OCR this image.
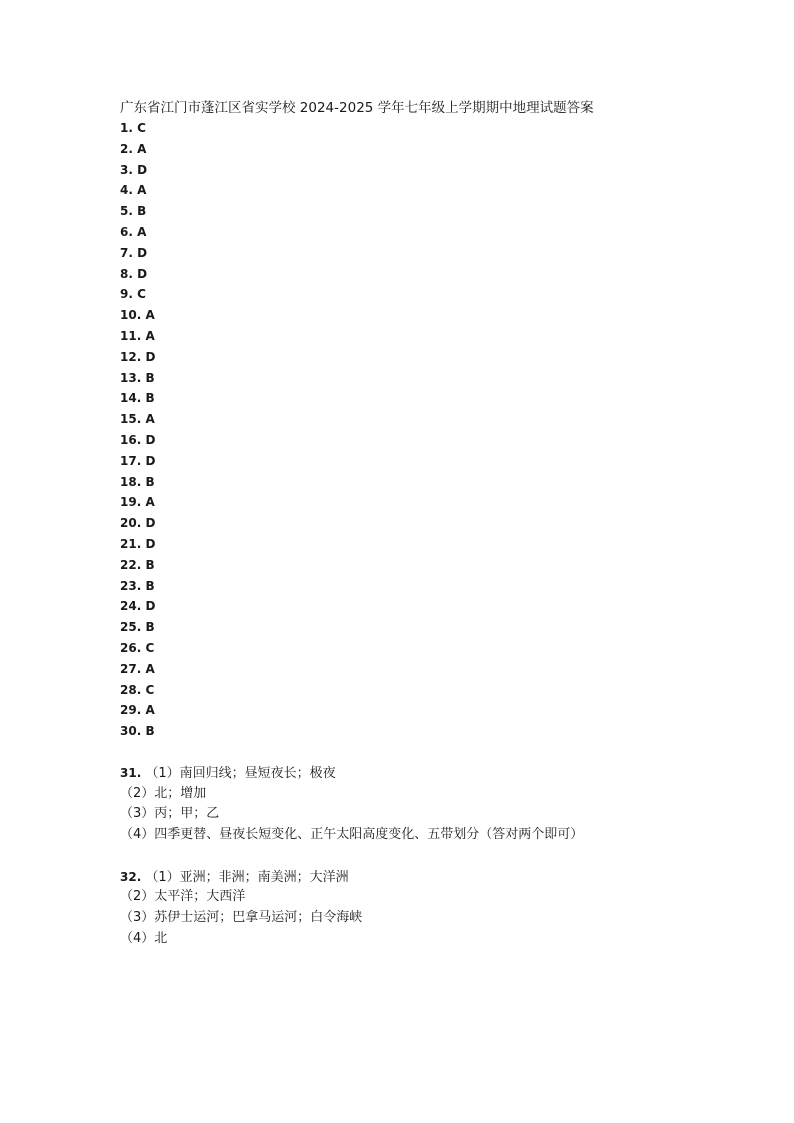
广东省江门市蓬江区省实学校 2024-2025 学年七年级上学期期中地理试题答案
1. C
2. A
3. D
4. A
5. B
6. A
7. D
8. D
9. C
10. A
11. A
12. D
13. B
14. B
15. A
16. D
17. D
18. B
19. A
20. D
21. D
22. B
23. B
24. D
25. B
26. C
27. A
28. C
29. A
30. B
31. （1）南回归线；昼短夜长；极夜
（2）北；增加
（3）丙；甲；乙
（4）四季更替、昼夜长短变化、正午太阳高度变化、五带划分（答对两个即可）
32. （1）亚洲；非洲；南美洲；大洋洲
（2）太平洋；大西洋
（3）苏伊士运河；巴拿马运河；白令海峡
（4）北
